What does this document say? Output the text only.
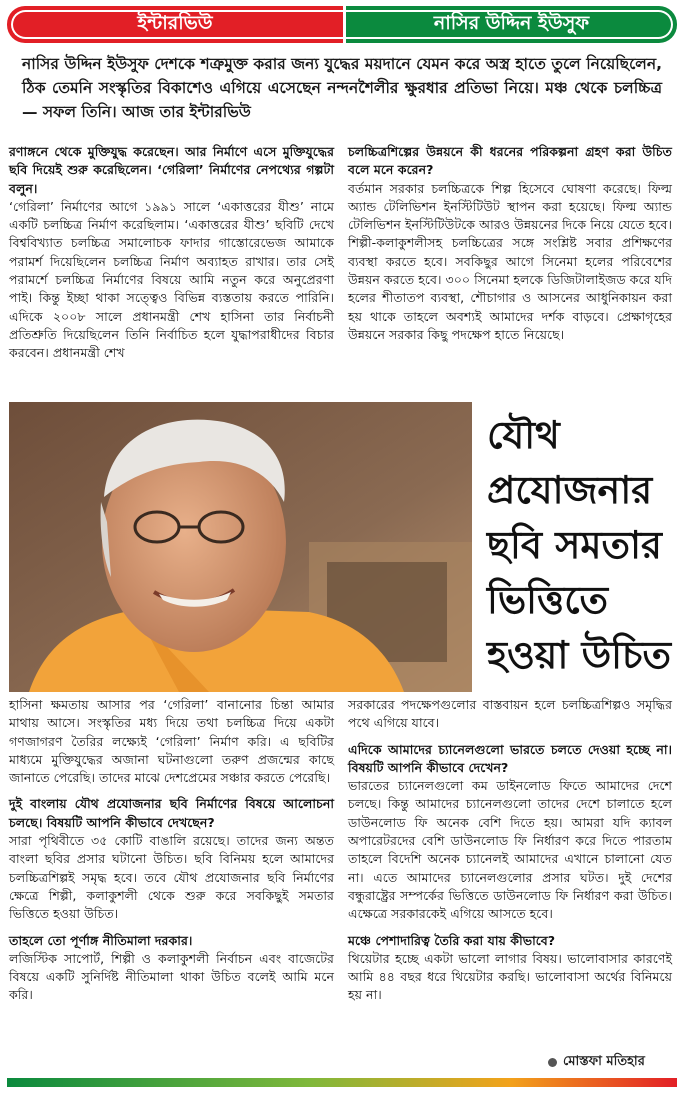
ইন্টারভিউ	নাসির উদ্দিন ইউসুফ
নাসির উদ্দিন ইউসুফ দেশকে শত্রুমুক্ত করার জন্য যুদ্ধের ময়দানে যেমন করে অস্ত্র হাতে তুলে নিয়েছিলেন, ঠিক তেমনি সংস্কৃতির বিকাশেও এগিয়ে এসেছেন নন্দনশৈলীর ক্ষুরধার প্রতিভা নিয়ে। মঞ্চ থেকে চলচ্চিত্র— সফল তিনি। আজ তার ইন্টারভিউ

রণাঙ্গনে থেকে মুক্তিযুদ্ধ করেছেন। আর নির্মাণে এসে মুক্তিযুদ্ধের ছবি দিয়েই শুরু করেছিলেন। ‘গেরিলা’ নির্মাণের নেপথ্যের গল্পটা বলুন।

‘গেরিলা’ নির্মাণের আগে ১৯৯১ সালে ‘একাত্তরের যীশু’ নামে একটি চলচ্চিত্র নির্মাণ করেছিলাম। ‘একাত্তরের যীশু’ ছবিটি দেখে বিশ্ববিখ্যাত চলচ্চিত্র সমালোচক ফাদার গাস্তোরেভেজ আমাকে পরামর্শ দিয়েছিলেন চলচ্চিত্র নির্মাণ অব্যাহত রাখার। তার সেই পরামর্শে চলচ্চিত্র নির্মাণের বিষয়ে আমি নতুন করে অনুপ্রেরণা পাই। কিন্তু ইচ্ছা থাকা সত্ত্বেও বিভিন্ন ব্যস্ততায় করতে পারিনি। এদিকে ২০০৮ সালে প্রধানমন্ত্রী শেখ হাসিনা তার নির্বাচনী প্রতিশ্রুতি দিয়েছিলেন তিনি নির্বাচিত হলে যুদ্ধাপরাধীদের বিচার করবেন। প্রধানমন্ত্রী শেখ

চলচ্চিত্রশিল্পের উন্নয়নে কী ধরনের পরিকল্পনা গ্রহণ করা উচিত বলে মনে করেন?

বর্তমান সরকার চলচ্চিত্রকে শিল্প হিসেবে ঘোষণা করেছে। ফিল্ম অ্যান্ড টেলিভিশন ইনস্টিটিউট স্থাপন করা হয়েছে। ফিল্ম অ্যান্ড টেলিভিশন ইনস্টিটিউটকে আরও উন্নয়নের দিকে নিয়ে যেতে হবে। শিল্পী-কলাকুশলীসহ চলচ্চিত্রের সঙ্গে সংশ্লিষ্ট সবার প্রশিক্ষণের ব্যবস্থা করতে হবে। সবকিছুর আগে সিনেমা হলের পরিবেশের উন্নয়ন করতে হবে। ৩০০ সিনেমা হলকে ডিজিটালাইজড করে যদি হলের শীতাতপ ব্যবস্থা, শৌচাগার ও আসনের আধুনিকায়ন করা হয় থাকে তাহলে অবশ্যই আমাদের দর্শক বাড়বে। প্রেক্ষাগৃহের উন্নয়নে সরকার কিছু পদক্ষেপ হাতে নিয়েছে।

যৌথ প্রযোজনার ছবি সমতার ভিত্তিতে হওয়া উচিত

হাসিনা ক্ষমতায় আসার পর ‘গেরিলা’ বানানোর চিন্তা আমার মাথায় আসে। সংস্কৃতির মধ্য দিয়ে তথা চলচ্চিত্র দিয়ে একটা গণজাগরণ তৈরির লক্ষ্যেই ‘গেরিলা’ নির্মাণ করি। এ ছবিটির মাধ্যমে মুক্তিযুদ্ধের অজানা ঘটনাগুলো তরুণ প্রজন্মের কাছে জানাতে পেরেছি। তাদের মাঝে দেশপ্রেমের সঞ্চার করতে পেরেছি।

দুই বাংলায় যৌথ প্রযোজনার ছবি নির্মাণের বিষয়ে আলোচনা চলছে। বিষয়টি আপনি কীভাবে দেখছেন?

সারা পৃথিবীতে ৩৫ কোটি বাঙালি রয়েছে। তাদের জন্য অন্তত বাংলা ছবির প্রসার ঘটানো উচিত। ছবি বিনিময় হলে আমাদের চলচ্চিত্রশিল্পই সমৃদ্ধ হবে। তবে যৌথ প্রযোজনার ছবি নির্মাণের ক্ষেত্রে শিল্পী, কলাকুশলী থেকে শুরু করে সবকিছুই সমতার ভিত্তিতে হওয়া উচিত।

তাহলে তো পূর্ণাঙ্গ নীতিমালা দরকার।

লজিস্টিক সাপোর্ট, শিল্পী ও কলাকুশলী নির্বাচন এবং বাজেটের বিষয়ে একটি সুনির্দিষ্ট নীতিমালা থাকা উচিত বলেই আমি মনে করি।

সরকারের পদক্ষেপগুলোর বাস্তবায়ন হলে চলচ্চিত্রশিল্পও সমৃদ্ধির পথে এগিয়ে যাবে।

এদিকে আমাদের চ্যানেলগুলো ভারতে চলতে দেওয়া হচ্ছে না। বিষয়টি আপনি কীভাবে দেখেন?

ভারতের চ্যানেলগুলো কম ডাইনলোড ফিতে আমাদের দেশে চলছে। কিন্তু আমাদের চ্যানেলগুলো তাদের দেশে চালাতে হলে ডাউনলোড ফি অনেক বেশি দিতে হয়। আমরা যদি ক্যাবল অপারেটরদের বেশি ডাউনলোড ফি নির্ধারণ করে দিতে পারতাম তাহলে বিদেশি অনেক চ্যানেলই আমাদের এখানে চালানো যেত না। এতে আমাদের চ্যানেলগুলোর প্রসার ঘটত। দুই দেশের বন্ধুরাষ্ট্রের সম্পর্কের ভিত্তিতে ডাউনলোড ফি নির্ধারণ করা উচিত। এক্ষেত্রে সরকারকেই এগিয়ে আসতে হবে।

মঞ্চে পেশাদারিত্ব তৈরি করা যায় কীভাবে?

থিয়েটার হচ্ছে একটা ভালো লাগার বিষয়। ভালোবাসার কারণেই আমি ৪৪ বছর ধরে থিয়েটার করছি। ভালোবাসা অর্থের বিনিময়ে হয় না।

মোস্তফা মতিহার
